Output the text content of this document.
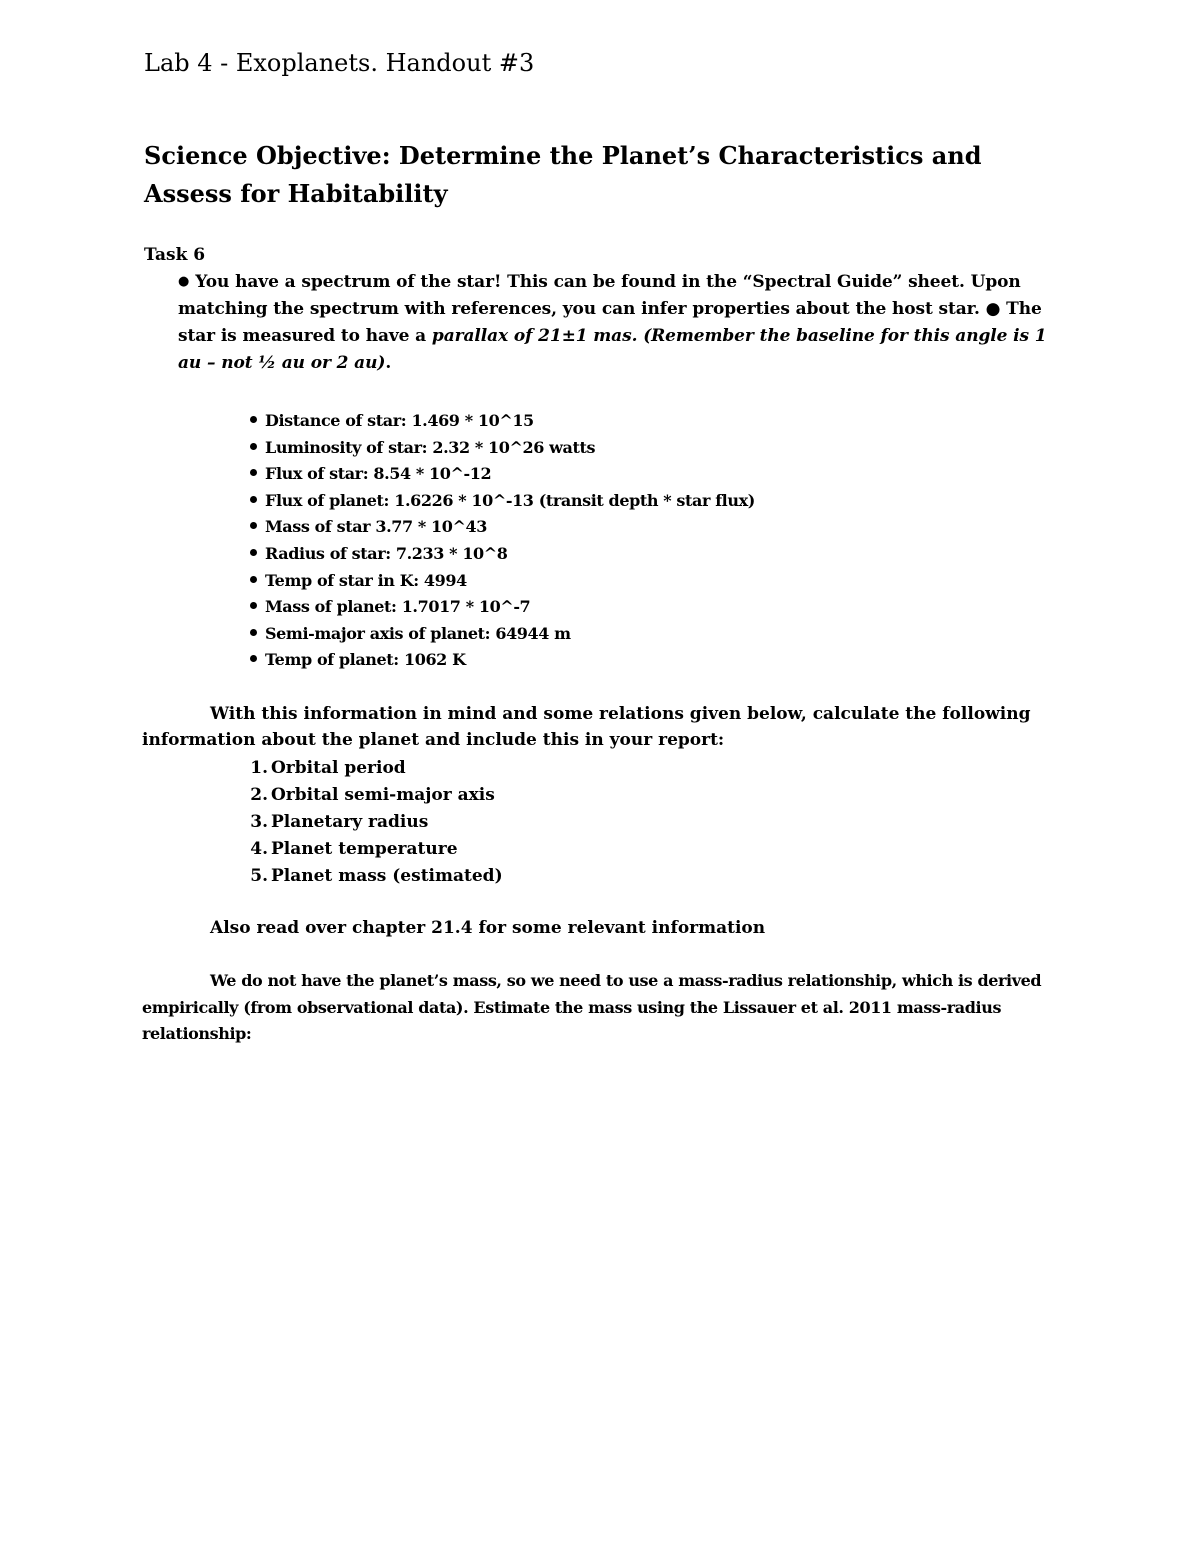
Lab 4 - Exoplanets. Handout #3
Science Objective: Determine the Planet’s Characteristics and Assess for Habitability
Task 6
● You have a spectrum of the star! This can be found in the “Spectral Guide” sheet. Upon matching the spectrum with references, you can infer properties about the host star. ● The star is measured to have a parallax of 21±1 mas. (Remember the baseline for this angle is 1 au – not ½ au or 2 au).
Distance of star: 1.469 * 10^15
Luminosity of star: 2.32 * 10^26 watts
Flux of star: 8.54 * 10^-12
Flux of planet: 1.6226 * 10^-13 (transit depth * star flux)
Mass of star 3.77 * 10^43
Radius of star: 7.233 * 10^8
Temp of star in K: 4994
Mass of planet: 1.7017 * 10^-7
Semi-major axis of planet: 64944 m
Temp of planet: 1062 K
With this information in mind and some relations given below, calculate the following information about the planet and include this in your report:
1. Orbital period
2. Orbital semi-major axis
3. Planetary radius
4. Planet temperature
5. Planet mass (estimated)
Also read over chapter 21.4 for some relevant information
We do not have the planet’s mass, so we need to use a mass-radius relationship, which is derived empirically (from observational data). Estimate the mass using the Lissauer et al. 2011 mass-radius relationship:
